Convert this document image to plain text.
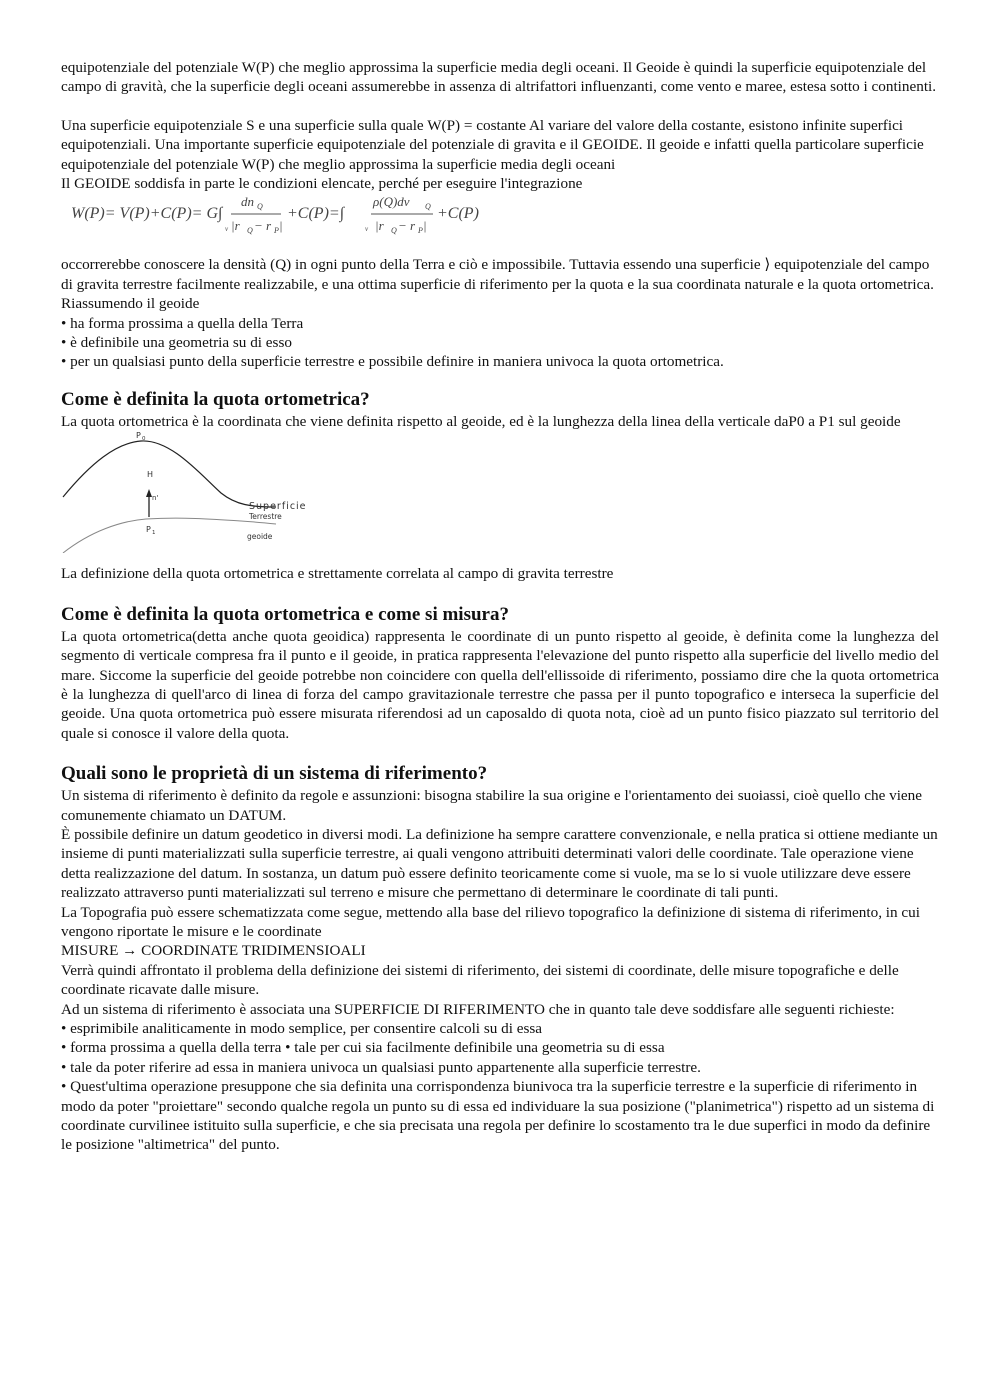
equipotenziale del potenziale W(P) che meglio approssima la superficie media degli oceani. Il Geoide è quindi la superficie equipotenziale del campo di gravità, che la superficie degli oceani assumerebbe in assenza di altrifattori influenzanti, come vento e maree, estesa sotto i continenti.

Una superficie equipotenziale S e una superficie sulla quale W(P) = costante Al variare del valore della costante, esistono infinite superfici equipotenziali. Una importante superficie equipotenziale del potenziale di gravita e il GEOIDE. Il geoide e infatti quella particolare superficie equipotenziale del potenziale W(P) che meglio approssima la superficie media degli oceani

Il GEOIDE soddisfa in parte le condizioni elencate, perché per eseguire l'integrazione

W(P)= V(P)+C(P)= G∫
dn Q
v |r Q − r P |
+C(P)=∫
v
ρ(Q)dv Q
|r Q − r P |
+C(P)

occorrerebbe conoscere la densità (Q) in ogni punto della Terra e ciò e impossibile. Tuttavia essendo una superficie ⟩ equipotenziale del campo di gravita terrestre facilmente realizzabile, e una ottima superficie di riferimento per la quota e la sua coordinata naturale e la quota ortometrica.

Riassumendo il geoide

• ha forma prossima a quella della Terra

• è definibile una geometria su di esso

• per un qualsiasi punto della superficie terrestre e possibile definire in maniera univoca la quota ortometrica.

Come è definita la quota ortometrica?

La quota ortometrica è la coordinata che viene definita rispetto al geoide, ed è la lunghezza della linea della verticale daP0 a P1 sul geoide

P 0
H
n'
P 1
Superficie
Terrestre
geoide

La definizione della quota ortometrica e strettamente correlata al campo di gravita terrestre

Come è definita la quota ortometrica e come si misura?

La quota ortometrica(detta anche quota geoidica) rappresenta le coordinate di un punto rispetto al geoide, è definita come la lunghezza del segmento di verticale compresa fra il punto e il geoide, in pratica rappresenta l'elevazione del punto rispetto alla superficie del livello medio del mare. Siccome la superficie del geoide potrebbe non coincidere con quella dell'ellissoide di riferimento, possiamo dire che la quota ortometrica è la lunghezza di quell'arco di linea di forza del campo gravitazionale terrestre che passa per il punto topografico e interseca la superficie del geoide. Una quota ortometrica può essere misurata riferendosi ad un caposaldo di quota nota, cioè ad un punto fisico piazzato sul territorio del quale si conosce il valore della quota.

Quali sono le proprietà di un sistema di riferimento?

Un sistema di riferimento è definito da regole e assunzioni: bisogna stabilire la sua origine e l'orientamento dei suoiassi, cioè quello che viene comunemente chiamato un DATUM.

È possibile definire un datum geodetico in diversi modi. La definizione ha sempre carattere convenzionale, e nella pratica si ottiene mediante un insieme di punti materializzati sulla superficie terrestre, ai quali vengono attribuiti determinati valori delle coordinate. Tale operazione viene detta realizzazione del datum. In sostanza, un datum può essere definito teoricamente come si vuole, ma se lo si vuole utilizzare deve essere realizzato attraverso punti materializzati sul terreno e misure che permettano di determinare le coordinate di tali punti.

La Topografia può essere schematizzata come segue, mettendo alla base del rilievo topografico la definizione di sistema di riferimento, in cui vengono riportate le misure e le coordinate

MISURE → COORDINATE TRIDIMENSIOALI

Verrà quindi affrontato il problema della definizione dei sistemi di riferimento, dei sistemi di coordinate, delle misure topografiche e delle coordinate ricavate dalle misure.

Ad un sistema di riferimento è associata una SUPERFICIE DI RIFERIMENTO che in quanto tale deve soddisfare alle seguenti richieste:

• esprimibile analiticamente in modo semplice, per consentire calcoli su di essa

• forma prossima a quella della terra • tale per cui sia facilmente definibile una geometria su di essa

• tale da poter riferire ad essa in maniera univoca un qualsiasi punto appartenente alla superficie terrestre.

• Quest'ultima operazione presuppone che sia definita una corrispondenza biunivoca tra la superficie terrestre e la superficie di riferimento in modo da poter "proiettare" secondo qualche regola un punto su di essa ed individuare la sua posizione ("planimetrica") rispetto ad un sistema di coordinate curvilinee istituito sulla superficie, e che sia precisata una regola per definire lo scostamento tra le due superfici in modo da definire le posizione "altimetrica" del punto.
